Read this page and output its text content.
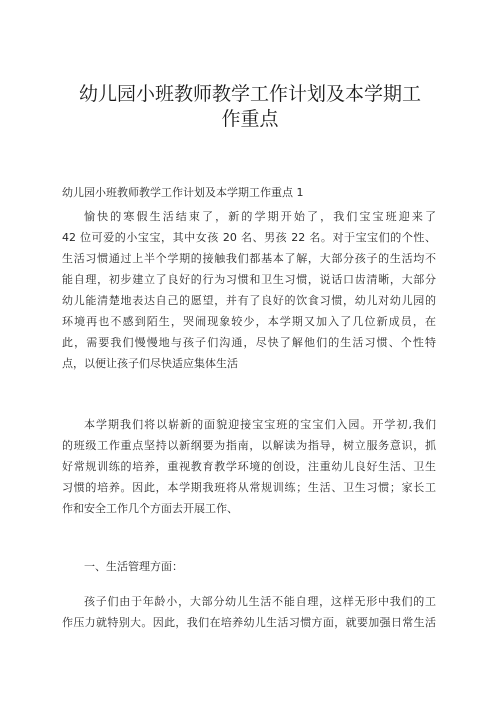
幼儿园小班教师教学工作计划及本学期工
作重点

幼儿园小班教师教学工作计划及本学期工作重点 1

愉快的寒假生活结束了，新的学期开始了，我们宝宝班迎来了
42 位可爱的小宝宝，其中女孩 20 名、男孩 22 名。对于宝宝们的个性、
生活习惯通过上半个学期的接触我们都基本了解，大部分孩子的生活均不
能自理，初步建立了良好的行为习惯和卫生习惯，说话口齿清晰，大部分
幼儿能清楚地表达自己的愿望，并有了良好的饮食习惯，幼儿对幼儿园的
环境再也不感到陌生，哭闹现象较少，本学期又加入了几位新成员，在
此，需要我们慢慢地与孩子们沟通，尽快了解他们的生活习惯、个性特
点，以便让孩子们尽快适应集体生活
本学期我们将以崭新的面貌迎接宝宝班的宝宝们入园。开学初,我们
的班级工作重点坚持以新纲要为指南，以解读为指导，树立服务意识，抓
好常规训练的培养，重视教育教学环境的创设，注重幼儿良好生活、卫生
习惯的培养。因此，本学期我班将从常规训练；生活、卫生习惯；家长工
作和安全工作几个方面去开展工作、
一、生活管理方面：
孩子们由于年龄小，大部分幼儿生活不能自理，这样无形中我们的工
作压力就特别大。因此，我们在培养幼儿生活习惯方面，就要加强日常生活
